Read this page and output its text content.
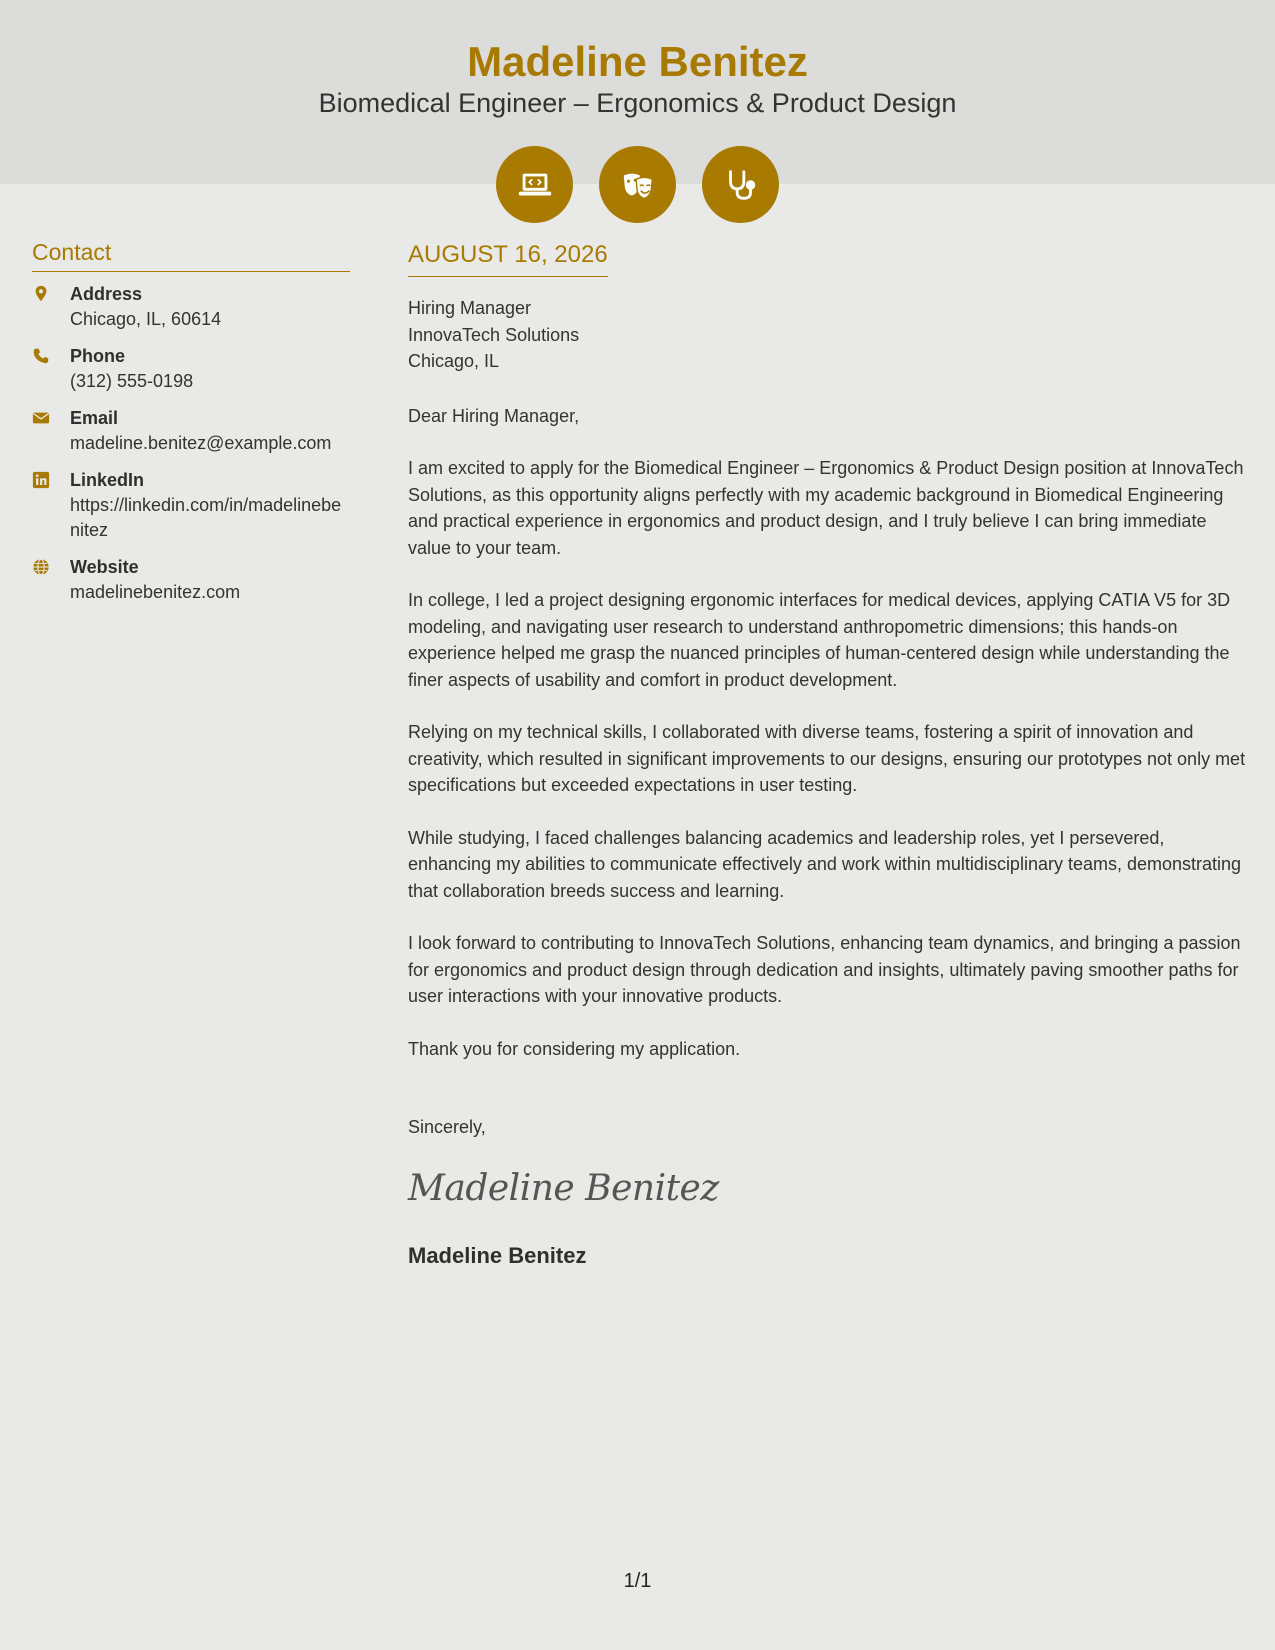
Madeline Benitez
Biomedical Engineer – Ergonomics & Product Design
Contact
Address
Chicago, IL, 60614
Phone
(312) 555-0198
Email
madeline.benitez@example.com
LinkedIn
https://linkedin.com/in/madelinebenitez
Website
madelinebenitez.com
AUGUST 16, 2026
Hiring Manager
InnovaTech Solutions
Chicago, IL
Dear Hiring Manager,
I am excited to apply for the Biomedical Engineer – Ergonomics & Product Design position at InnovaTech Solutions, as this opportunity aligns perfectly with my academic background in Biomedical Engineering and practical experience in ergonomics and product design, and I truly believe I can bring immediate value to your team.
In college, I led a project designing ergonomic interfaces for medical devices, applying CATIA V5 for 3D modeling, and navigating user research to understand anthropometric dimensions; this hands-on experience helped me grasp the nuanced principles of human-centered design while understanding the finer aspects of usability and comfort in product development.
Relying on my technical skills, I collaborated with diverse teams, fostering a spirit of innovation and creativity, which resulted in significant improvements to our designs, ensuring our prototypes not only met specifications but exceeded expectations in user testing.
While studying, I faced challenges balancing academics and leadership roles, yet I persevered, enhancing my abilities to communicate effectively and work within multidisciplinary teams, demonstrating that collaboration breeds success and learning.
I look forward to contributing to InnovaTech Solutions, enhancing team dynamics, and bringing a passion for ergonomics and product design through dedication and insights, ultimately paving smoother paths for user interactions with your innovative products.
Thank you for considering my application.
Sincerely,
Madeline Benitez
Madeline Benitez
1/1
